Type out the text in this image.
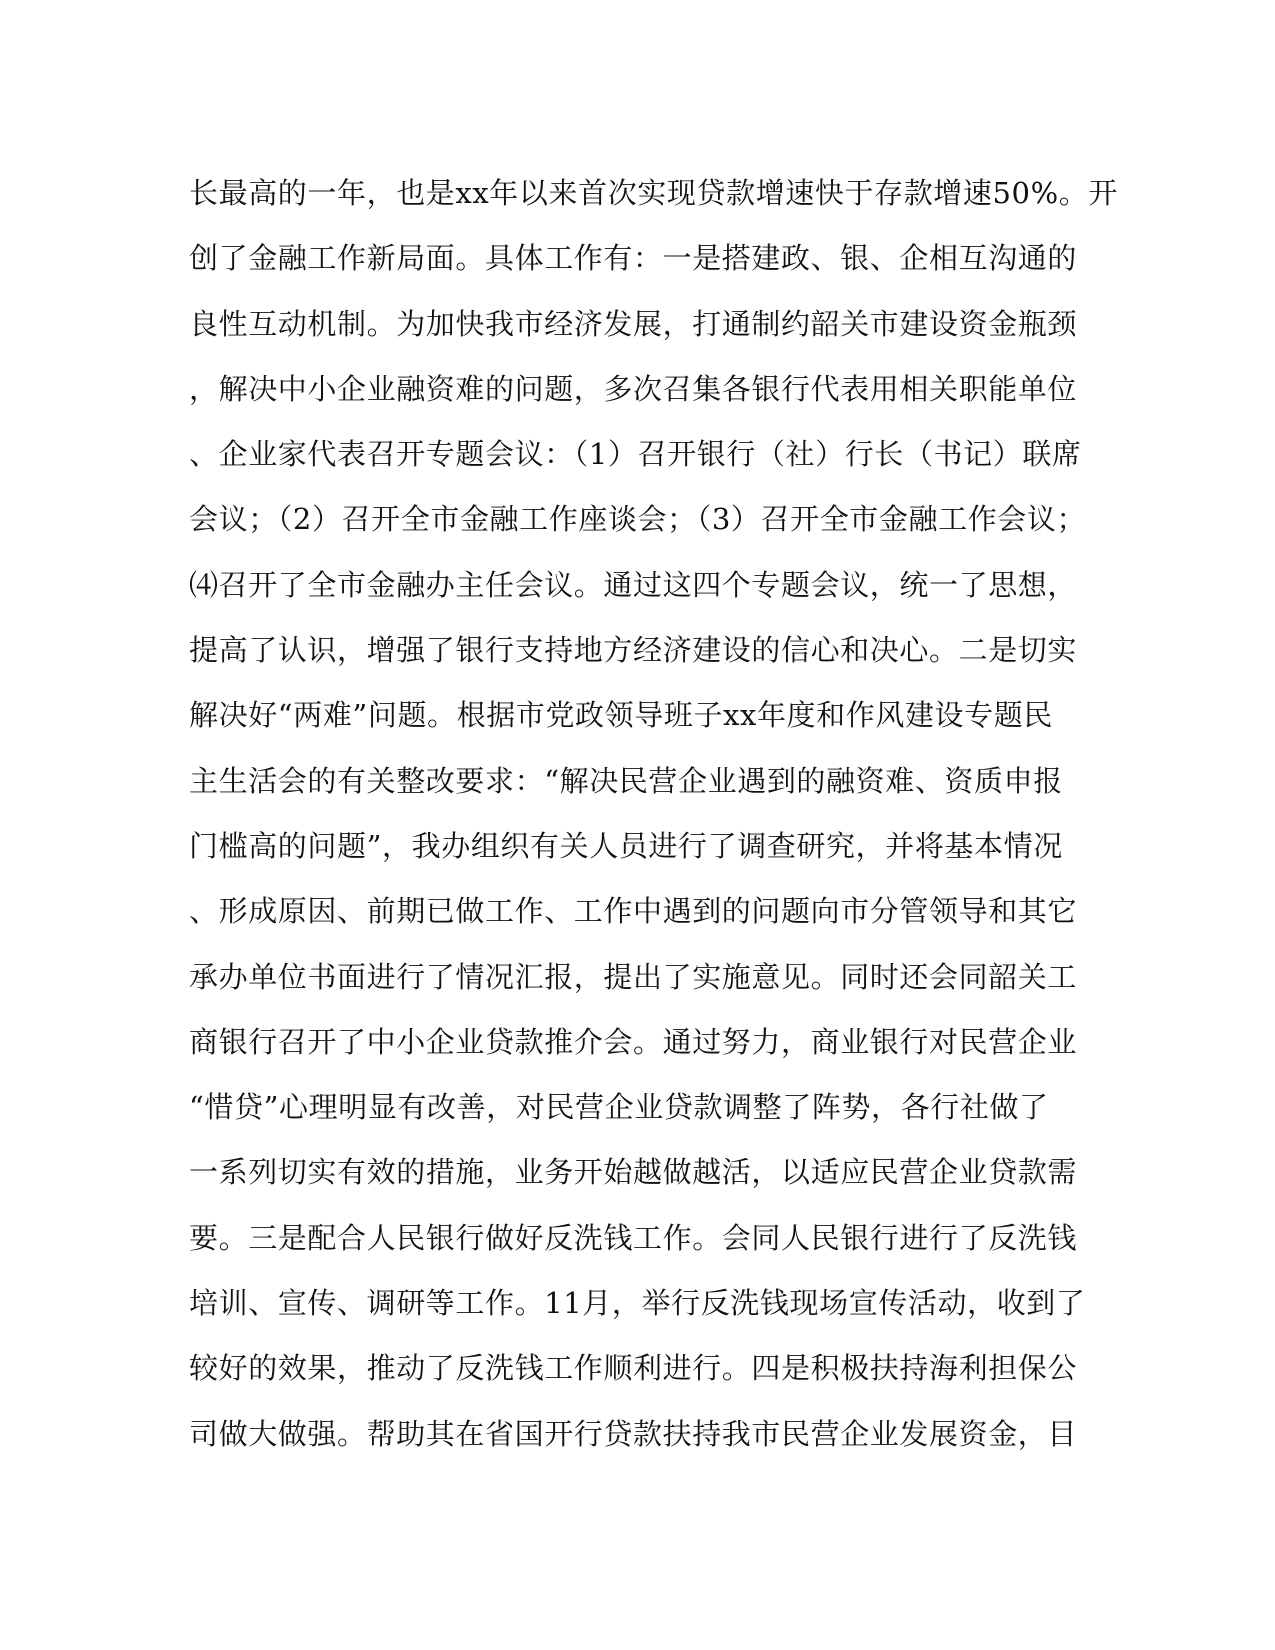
长最高的一年，也是xx年以来首次实现贷款增速快于存款增速50%。开
创了金融工作新局面。具体工作有：一是搭建政、银、企相互沟通的
良性互动机制。为加快我市经济发展，打通制约韶关市建设资金瓶颈
，解决中小企业融资难的问题，多次召集各银行代表用相关职能单位
、企业家代表召开专题会议：（1）召开银行（社）行长（书记）联席
会议；（2）召开全市金融工作座谈会；（3）召开全市金融工作会议；
⑷召开了全市金融办主任会议。通过这四个专题会议，统一了思想，
提高了认识，增强了银行支持地方经济建设的信心和决心。二是切实
解决好“两难”问题。根据市党政领导班子xx年度和作风建设专题民
主生活会的有关整改要求：“解决民营企业遇到的融资难、资质申报
门槛高的问题”，我办组织有关人员进行了调查研究，并将基本情况
、形成原因、前期已做工作、工作中遇到的问题向市分管领导和其它
承办单位书面进行了情况汇报，提出了实施意见。同时还会同韶关工
商银行召开了中小企业贷款推介会。通过努力，商业银行对民营企业
“惜贷”心理明显有改善，对民营企业贷款调整了阵势，各行社做了
一系列切实有效的措施，业务开始越做越活，以适应民营企业贷款需
要。三是配合人民银行做好反洗钱工作。会同人民银行进行了反洗钱
培训、宣传、调研等工作。11月，举行反洗钱现场宣传活动，收到了
较好的效果，推动了反洗钱工作顺利进行。四是积极扶持海利担保公
司做大做强。帮助其在省国开行贷款扶持我市民营企业发展资金，目
